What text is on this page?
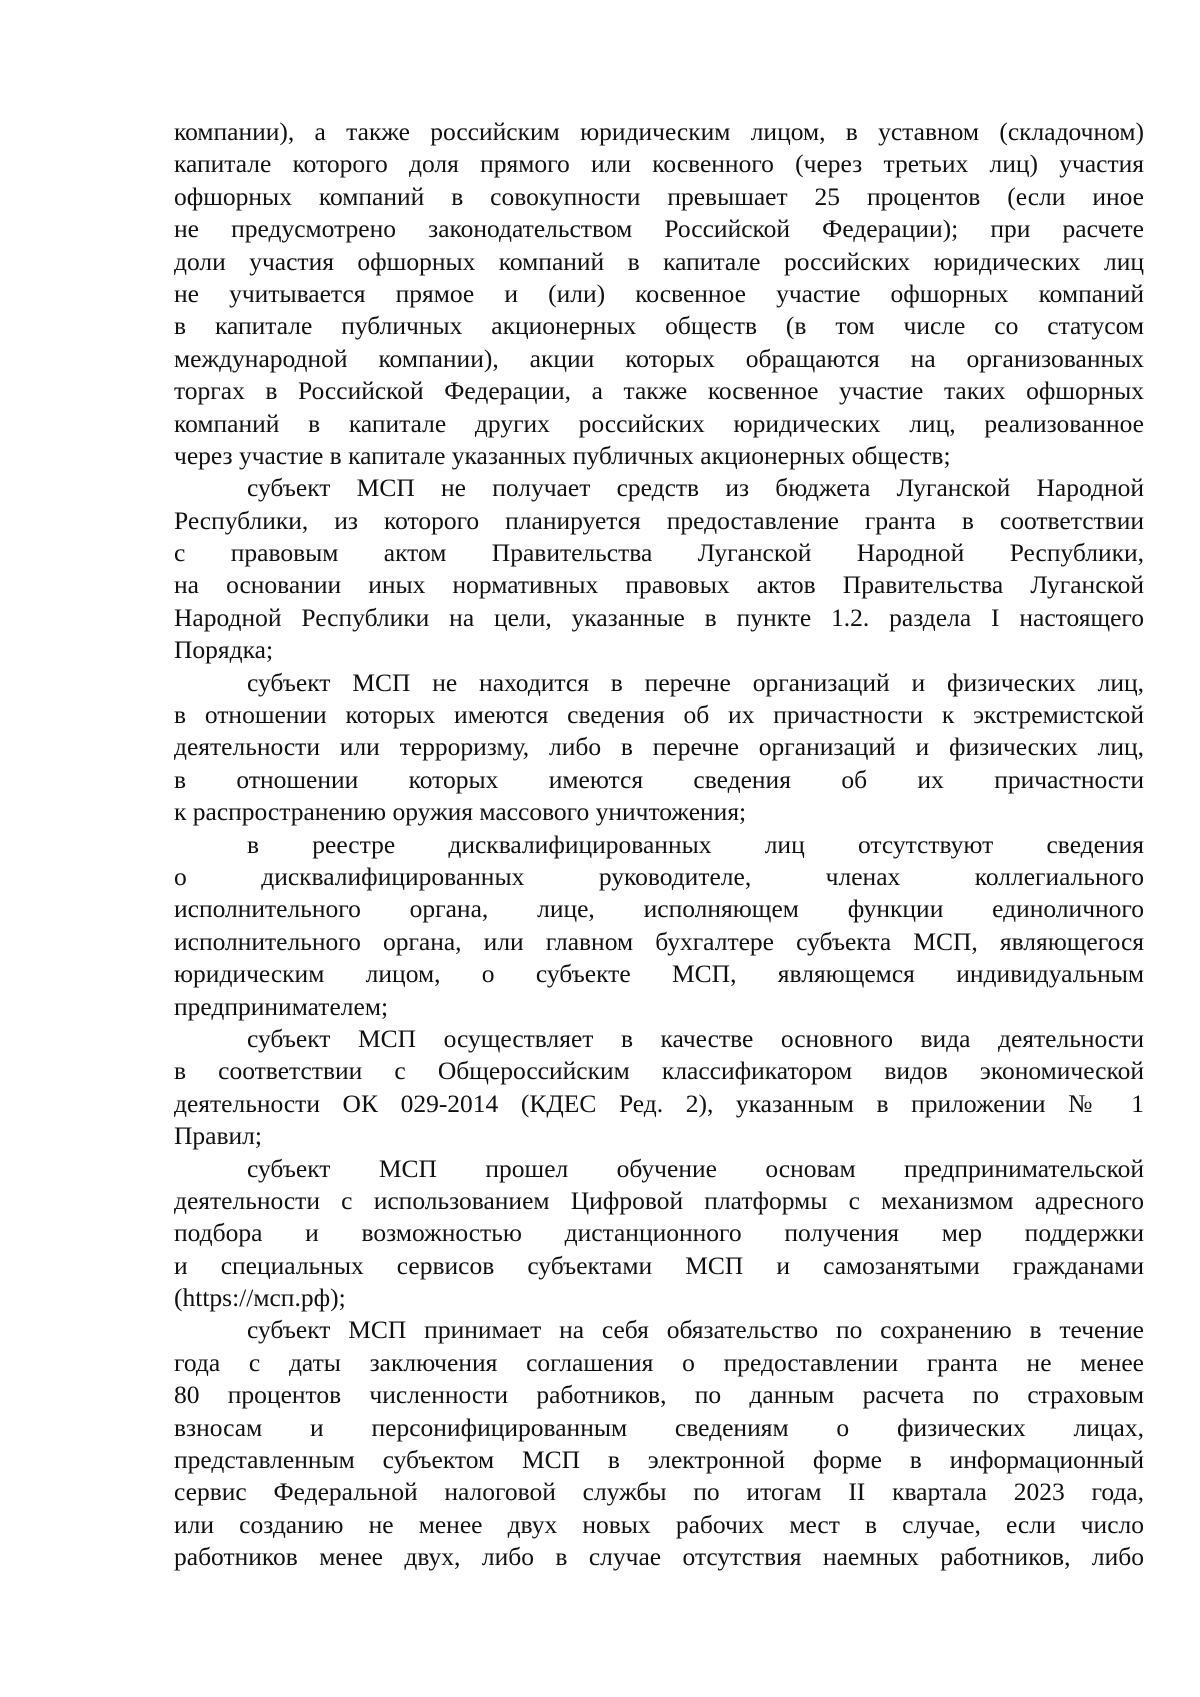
компании), а также российским юридическим лицом, в уставном (складочном)
капитале которого доля прямого или косвенного (через третьих лиц) участия
офшорных компаний в совокупности превышает 25 процентов (если иное
не предусмотрено законодательством Российской Федерации); при расчете
доли участия офшорных компаний в капитале российских юридических лиц
не учитывается прямое и (или) косвенное участие офшорных компаний
в капитале публичных акционерных обществ (в том числе со статусом
международной компании), акции которых обращаются на организованных
торгах в Российской Федерации, а также косвенное участие таких офшорных
компаний в капитале других российских юридических лиц, реализованное
через участие в капитале указанных публичных акционерных обществ;
субъект МСП не получает средств из бюджета Луганской Народной
Республики, из которого планируется предоставление гранта в соответствии
с правовым актом Правительства Луганской Народной Республики,
на основании иных нормативных правовых актов Правительства Луганской
Народной Республики на цели, указанные в пункте 1.2. раздела I настоящего
Порядка;
субъект МСП не находится в перечне организаций и физических лиц,
в отношении которых имеются сведения об их причастности к экстремистской
деятельности или терроризму, либо в перечне организаций и физических лиц,
в отношении которых имеются сведения об их причастности
к распространению оружия массового уничтожения;
в реестре дисквалифицированных лиц отсутствуют сведения
о дисквалифицированных руководителе, членах коллегиального
исполнительного органа, лице, исполняющем функции единоличного
исполнительного органа, или главном бухгалтере субъекта МСП, являющегося
юридическим лицом, о субъекте МСП, являющемся индивидуальным
предпринимателем;
субъект МСП осуществляет в качестве основного вида деятельности
в соответствии с Общероссийским классификатором видов экономической
деятельности ОК 029-2014 (КДЕС Ред. 2), указанным в приложении № 1
Правил;
субъект МСП прошел обучение основам предпринимательской
деятельности с использованием Цифровой платформы с механизмом адресного
подбора и возможностью дистанционного получения мер поддержки
и специальных сервисов субъектами МСП и самозанятыми гражданами
(https://мсп.рф);
субъект МСП принимает на себя обязательство по сохранению в течение
года с даты заключения соглашения о предоставлении гранта не менее
80 процентов численности работников, по данным расчета по страховым
взносам и персонифицированным сведениям о физических лицах,
представленным субъектом МСП в электронной форме в информационный
сервис Федеральной налоговой службы по итогам II квартала 2023 года,
или созданию не менее двух новых рабочих мест в случае, если число
работников менее двух, либо в случае отсутствия наемных работников, либо
